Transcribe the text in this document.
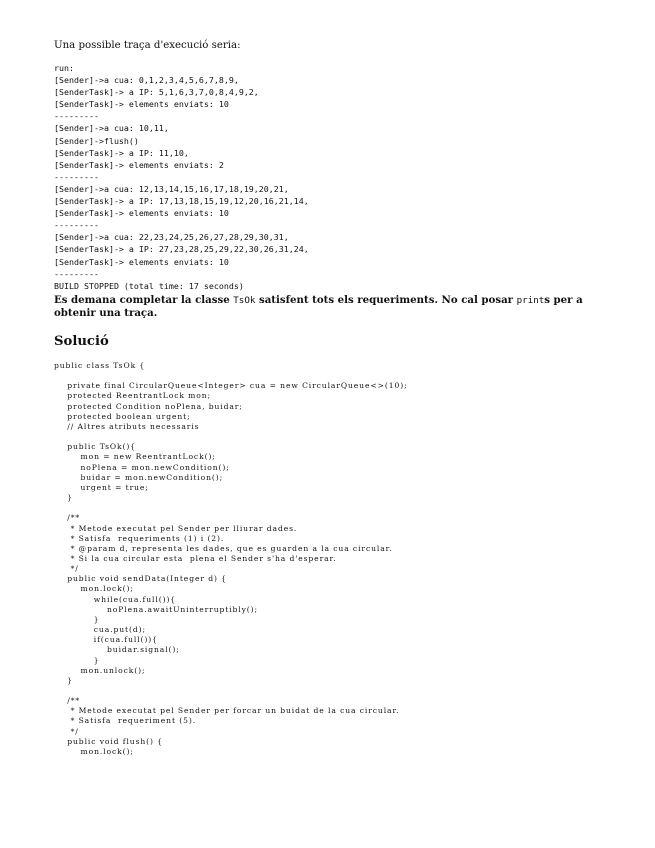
Una possible traça d'execució seria:
run:
[Sender]->a cua: 0,1,2,3,4,5,6,7,8,9,
[SenderTask]-> a IP: 5,1,6,3,7,0,8,4,9,2,
[SenderTask]-> elements enviats: 10
---------
[Sender]->a cua: 10,11,
[Sender]->flush()
[SenderTask]-> a IP: 11,10,
[SenderTask]-> elements enviats: 2
---------
[Sender]->a cua: 12,13,14,15,16,17,18,19,20,21,
[SenderTask]-> a IP: 17,13,18,15,19,12,20,16,21,14,
[SenderTask]-> elements enviats: 10
---------
[Sender]->a cua: 22,23,24,25,26,27,28,29,30,31,
[SenderTask]-> a IP: 27,23,28,25,29,22,30,26,31,24,
[SenderTask]-> elements enviats: 10
---------
BUILD STOPPED (total time: 17 seconds)
Es demana completar la classe TsOk satisfent tots els requeriments. No cal posar prints per a obtenir una traça.
Solució
public class TsOk {

private final CircularQueue<Integer> cua = new CircularQueue<>(10);
protected ReentrantLock mon;
protected Condition noPlena, buidar;
protected boolean urgent;
// Altres atributs necessaris

public TsOk(){
mon = new ReentrantLock();
noPlena = mon.newCondition();
buidar = mon.newCondition();
urgent = true;
}

/**
* Metode executat pel Sender per lliurar dades.
* Satisfa  requeriments (1) i (2).
* @param d, representa les dades, que es guarden a la cua circular.
* Si la cua circular esta  plena el Sender s'ha d'esperar.
*/
public void sendData(Integer d) {
mon.lock();
while(cua.full()){
noPlena.awaitUninterruptibly();
}
cua.put(d);
if(cua.full()){
buidar.signal();
}
mon.unlock();
}

/**
* Metode executat pel Sender per forcar un buidat de la cua circular.
* Satisfa  requeriment (5).
*/
public void flush() {
mon.lock();
